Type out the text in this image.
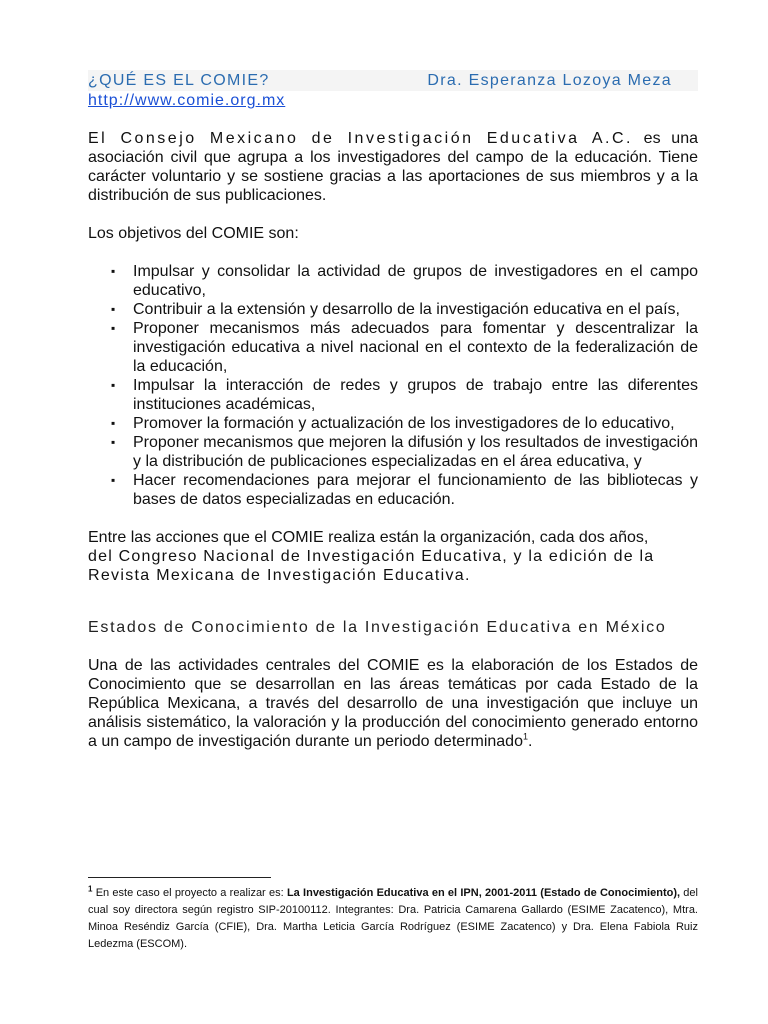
¿QUÉ ES EL COMIE?	Dra. Esperanza Lozoya Meza
http://www.comie.org.mx

El Consejo Mexicano de Investigación Educativa A.C. es una asociación civil que agrupa a los investigadores del campo de la educación. Tiene carácter voluntario y se sostiene gracias a las aportaciones de sus miembros y a la distribución de sus publicaciones.

Los objetivos del COMIE son:

▪ Impulsar y consolidar la actividad de grupos de investigadores en el campo educativo,
▪ Contribuir a la extensión y desarrollo de la investigación educativa en el país,
▪ Proponer mecanismos más adecuados para fomentar y descentralizar la investigación educativa a nivel nacional en el contexto de la federalización de la educación,
▪ Impulsar la interacción de redes y grupos de trabajo entre las diferentes instituciones académicas,
▪ Promover la formación y actualización de los investigadores de lo educativo,
▪ Proponer mecanismos que mejoren la difusión y los resultados de investigación y la distribución de publicaciones especializadas en el área educativa, y
▪ Hacer recomendaciones para mejorar el funcionamiento de las bibliotecas y bases de datos especializadas en educación.

Entre las acciones que el COMIE realiza están la organización, cada dos años,
del Congreso Nacional de Investigación Educativa, y la edición de la
Revista Mexicana de Investigación Educativa.

Estados de Conocimiento de la Investigación Educativa en México

Una de las actividades centrales del COMIE es la elaboración de los Estados de Conocimiento que se desarrollan en las áreas temáticas por cada Estado de la República Mexicana, a través del desarrollo de una investigación que incluye un análisis sistemático, la valoración y la producción del conocimiento generado entorno a un campo de investigación durante un periodo determinado$^1$.

$^1$ En este caso el proyecto a realizar es: La Investigación Educativa en el IPN, 2001-2011 (Estado de Conocimiento), del cual soy directora según registro SIP-20100112. Integrantes: Dra. Patricia Camarena Gallardo (ESIME Zacatenco), Mtra. Minoa Reséndiz García (CFIE), Dra. Martha Leticia García Rodríguez (ESIME Zacatenco) y Dra. Elena Fabiola Ruiz Ledezma (ESCOM).
